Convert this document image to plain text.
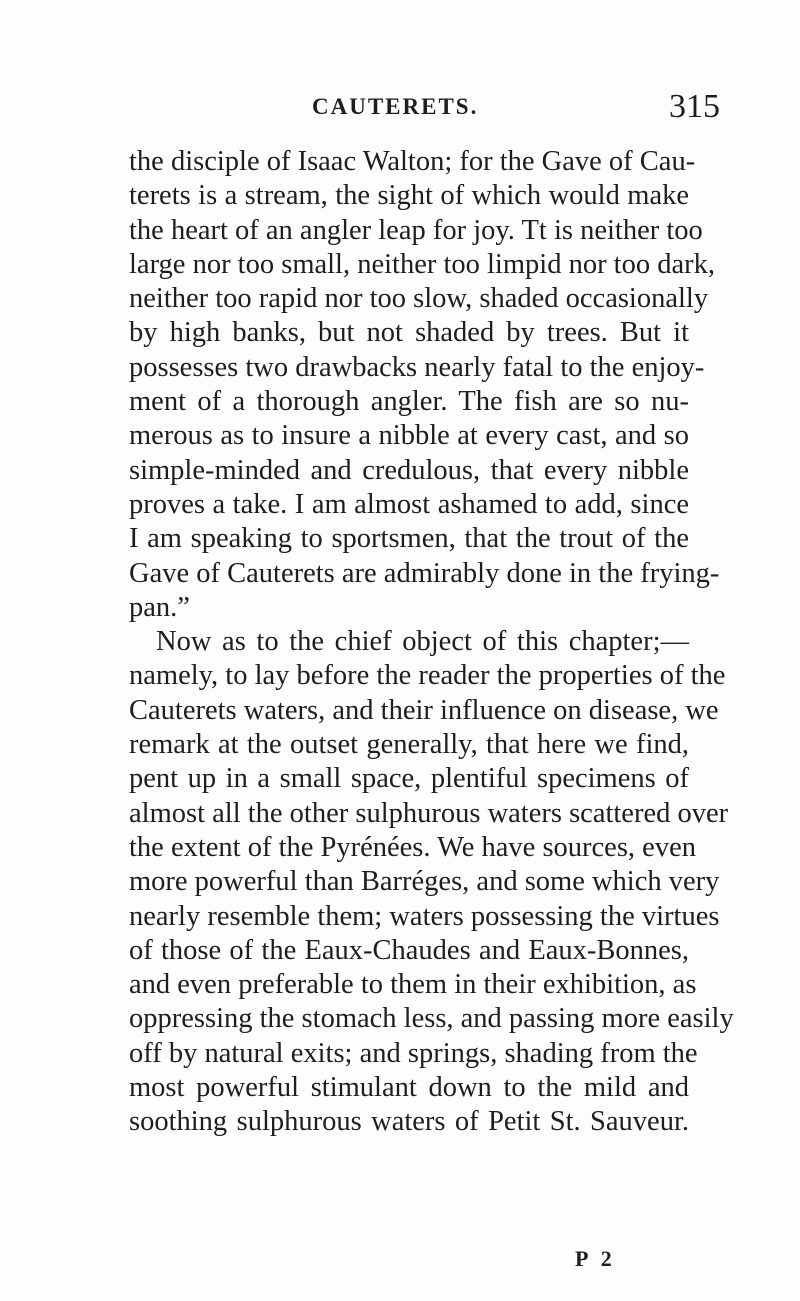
CAUTERETS.	315
the disciple of Isaac Walton; for the Gave of Cau-
terets is a stream, the sight of which would make
the heart of an angler leap for joy. Tt is neither too
large nor too small, neither too limpid nor too dark,
neither too rapid nor too slow, shaded occasionally
by high banks, but not shaded by trees. But it
possesses two drawbacks nearly fatal to the enjoy-
ment of a thorough angler. The fish are so nu-
merous as to insure a nibble at every cast, and so
simple-minded and credulous, that every nibble
proves a take. I am almost ashamed to add, since
I am speaking to sportsmen, that the trout of the
Gave of Cauterets are admirably done in the frying-
pan.”
Now as to the chief object of this chapter;—
namely, to lay before the reader the properties of the
Cauterets waters, and their influence on disease, we
remark at the outset generally, that here we find,
pent up in a small space, plentiful specimens of
almost all the other sulphurous waters scattered over
the extent of the Pyrénées. We have sources, even
more powerful than Barréges, and some which very
nearly resemble them; waters possessing the virtues
of those of the Eaux-Chaudes and Eaux-Bonnes,
and even preferable to them in their exhibition, as
oppressing the stomach less, and passing more easily
off by natural exits; and springs, shading from the
most powerful stimulant down to the mild and
soothing sulphurous waters of Petit St. Sauveur.
P 2
